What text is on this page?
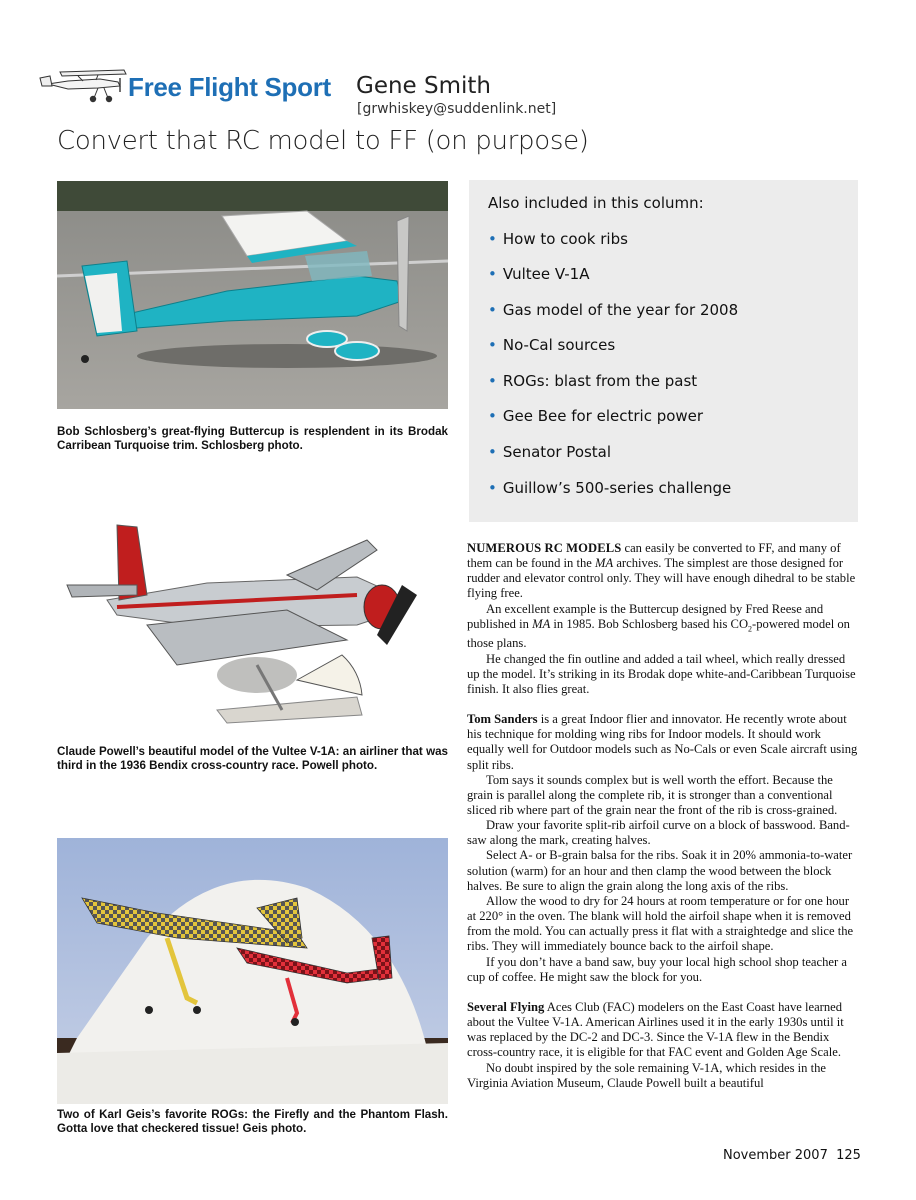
Free Flight Sport Gene Smith
[grwhiskey@suddenlink.net]
Convert that RC model to FF (on purpose)
Bob Schlosberg’s great-flying Buttercup is resplendent in its Brodak Carribean Turquoise trim. Schlosberg photo.

Claude Powell’s beautiful model of the Vultee V-1A: an airliner that was third in the 1936 Bendix cross-country race. Powell photo.
Two of Karl Geis’s favorite ROGs: the Firefly and the Phantom Flash. Gotta love that checkered tissue! Geis photo.
Also included in this column:
• How to cook ribs
• Vultee V-1A
• Gas model of the year for 2008
• No-Cal sources
• ROGs: blast from the past
• Gee Bee for electric power
• Senator Postal
• Guillow’s 500-series challenge

NUMEROUS RC MODELS can easily be converted to FF, and many of them can be found in the MA archives. The simplest are those designed for rudder and elevator control only. They will have enough dihedral to be stable flying free.

An excellent example is the Buttercup designed by Fred Reese and published in MA in 1985. Bob Schlosberg based his $CO_2$-powered model on those plans.

He changed the fin outline and added a tail wheel, which really dressed up the model. It’s striking in its Brodak dope white-and-Caribbean Turquoise finish. It also flies great.

Tom Sanders is a great Indoor flier and innovator. He recently wrote about his technique for molding wing ribs for Indoor models. It should work equally well for Outdoor models such as No-Cals or even Scale aircraft using split ribs.

Tom says it sounds complex but is well worth the effort. Because the grain is parallel along the complete rib, it is stronger than a conventional sliced rib where part of the grain near the front of the rib is cross-grained.

Draw your favorite split-rib airfoil curve on a block of basswood. Band-saw along the mark, creating halves.

Select A- or B-grain balsa for the ribs. Soak it in 20% ammonia-to-water solution (warm) for an hour and then clamp the wood between the block halves. Be sure to align the grain along the long axis of the ribs.

Allow the wood to dry for 24 hours at room temperature or for one hour at 220° in the oven. The blank will hold the airfoil shape when it is removed from the mold. You can actually press it flat with a straightedge and slice the ribs. They will immediately bounce back to the airfoil shape.

If you don’t have a band saw, buy your local high school shop teacher a cup of coffee. He might saw the block for you.

Several Flying Aces Club (FAC) modelers on the East Coast have learned about the Vultee V-1A. American Airlines used it in the early 1930s until it was replaced by the DC-2 and DC-3. Since the V-1A flew in the Bendix cross-country race, it is eligible for that FAC event and Golden Age Scale.

No doubt inspired by the sole remaining V-1A, which resides in the Virginia Aviation Museum, Claude Powell built a beautiful

November 2007 125
